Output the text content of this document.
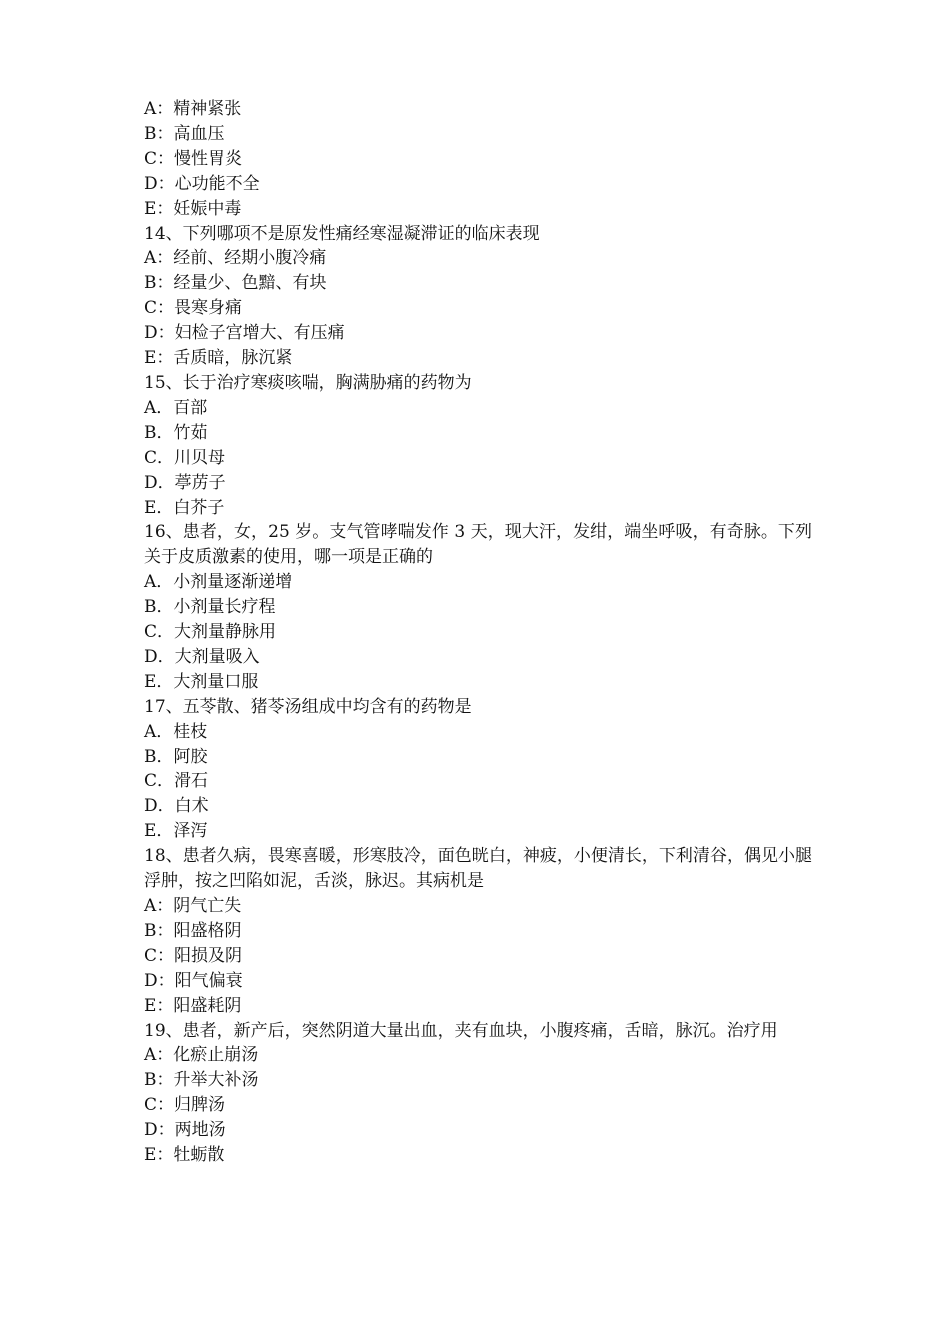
A：精神紧张

B：高血压

C：慢性胃炎

D：心功能不全

E：妊娠中毒

14、下列哪项不是原发性痛经寒湿凝滞证的临床表现

A：经前、经期小腹冷痛

B：经量少、色黯、有块

C：畏寒身痛

D：妇检子宫增大、有压痛

E：舌质暗，脉沉紧

15、长于治疗寒痰咳喘，胸满胁痛的药物为

A．百部

B．竹茹

C．川贝母

D．葶苈子

E．白芥子

16、患者，女，25 岁。支气管哮喘发作 3 天，现大汗，发绀，端坐呼吸，有奇脉。下列关于皮质激素的使用，哪一项是正确的

A．小剂量逐渐递增

B．小剂量长疗程

C．大剂量静脉用

D．大剂量吸入

E．大剂量口服

17、五苓散、猪苓汤组成中均含有的药物是

A．桂枝

B．阿胶

C．滑石

D．白术

E．泽泻

18、患者久病，畏寒喜暖，形寒肢冷，面色晄白，神疲，小便清长，下利清谷，偶见小腿浮肿，按之凹陷如泥，舌淡，脉迟。其病机是

A：阴气亡失

B：阳盛格阴

C：阳损及阴

D：阳气偏衰

E：阳盛耗阴

19、患者，新产后，突然阴道大量出血，夹有血块，小腹疼痛，舌暗，脉沉。治疗用

A：化瘀止崩汤

B：升举大补汤

C：归脾汤

D：两地汤

E：牡蛎散
